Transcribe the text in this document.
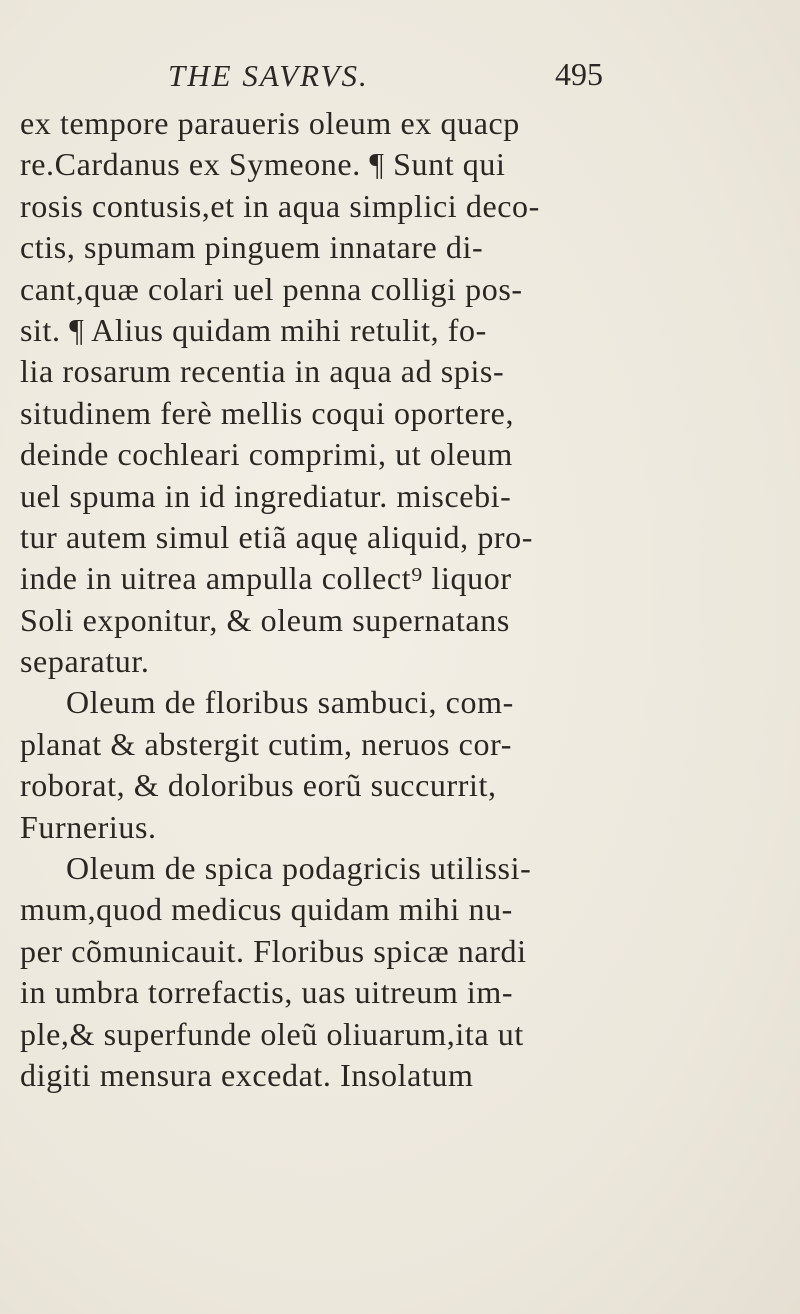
THE SAVRVS.	495
ex tempore paraueris oleum ex quacp
re.Cardanus ex Symeone. ¶ Sunt qui
rosis contusis,et in aqua simplici deco-
ctis, spumam pinguem innatare di-
cant,quæ colari uel penna colligi pos-
sit. ¶ Alius quidam mihi retulit, fo-
lia rosarum recentia in aqua ad spis-
situdinem ferè mellis coqui oportere,
deinde cochleari comprimi, ut oleum
uel spuma in id ingrediatur. miscebi-
tur autem simul etiã aquę aliquid, pro-
inde in uitrea ampulla collect⁹ liquor
Soli exponitur, & oleum supernatans
separatur.
Oleum de floribus sambuci, com-
planat & abstergit cutim, neruos cor-
roborat, & doloribus eorũ succurrit,
Furnerius.
Oleum de spica podagricis utilissi-
mum,quod medicus quidam mihi nu-
per cõmunicauit. Floribus spicæ nardi
in umbra torrefactis, uas uitreum im-
ple,& superfunde oleũ oliuarum,ita ut
digiti mensura excedat. Insolatum
